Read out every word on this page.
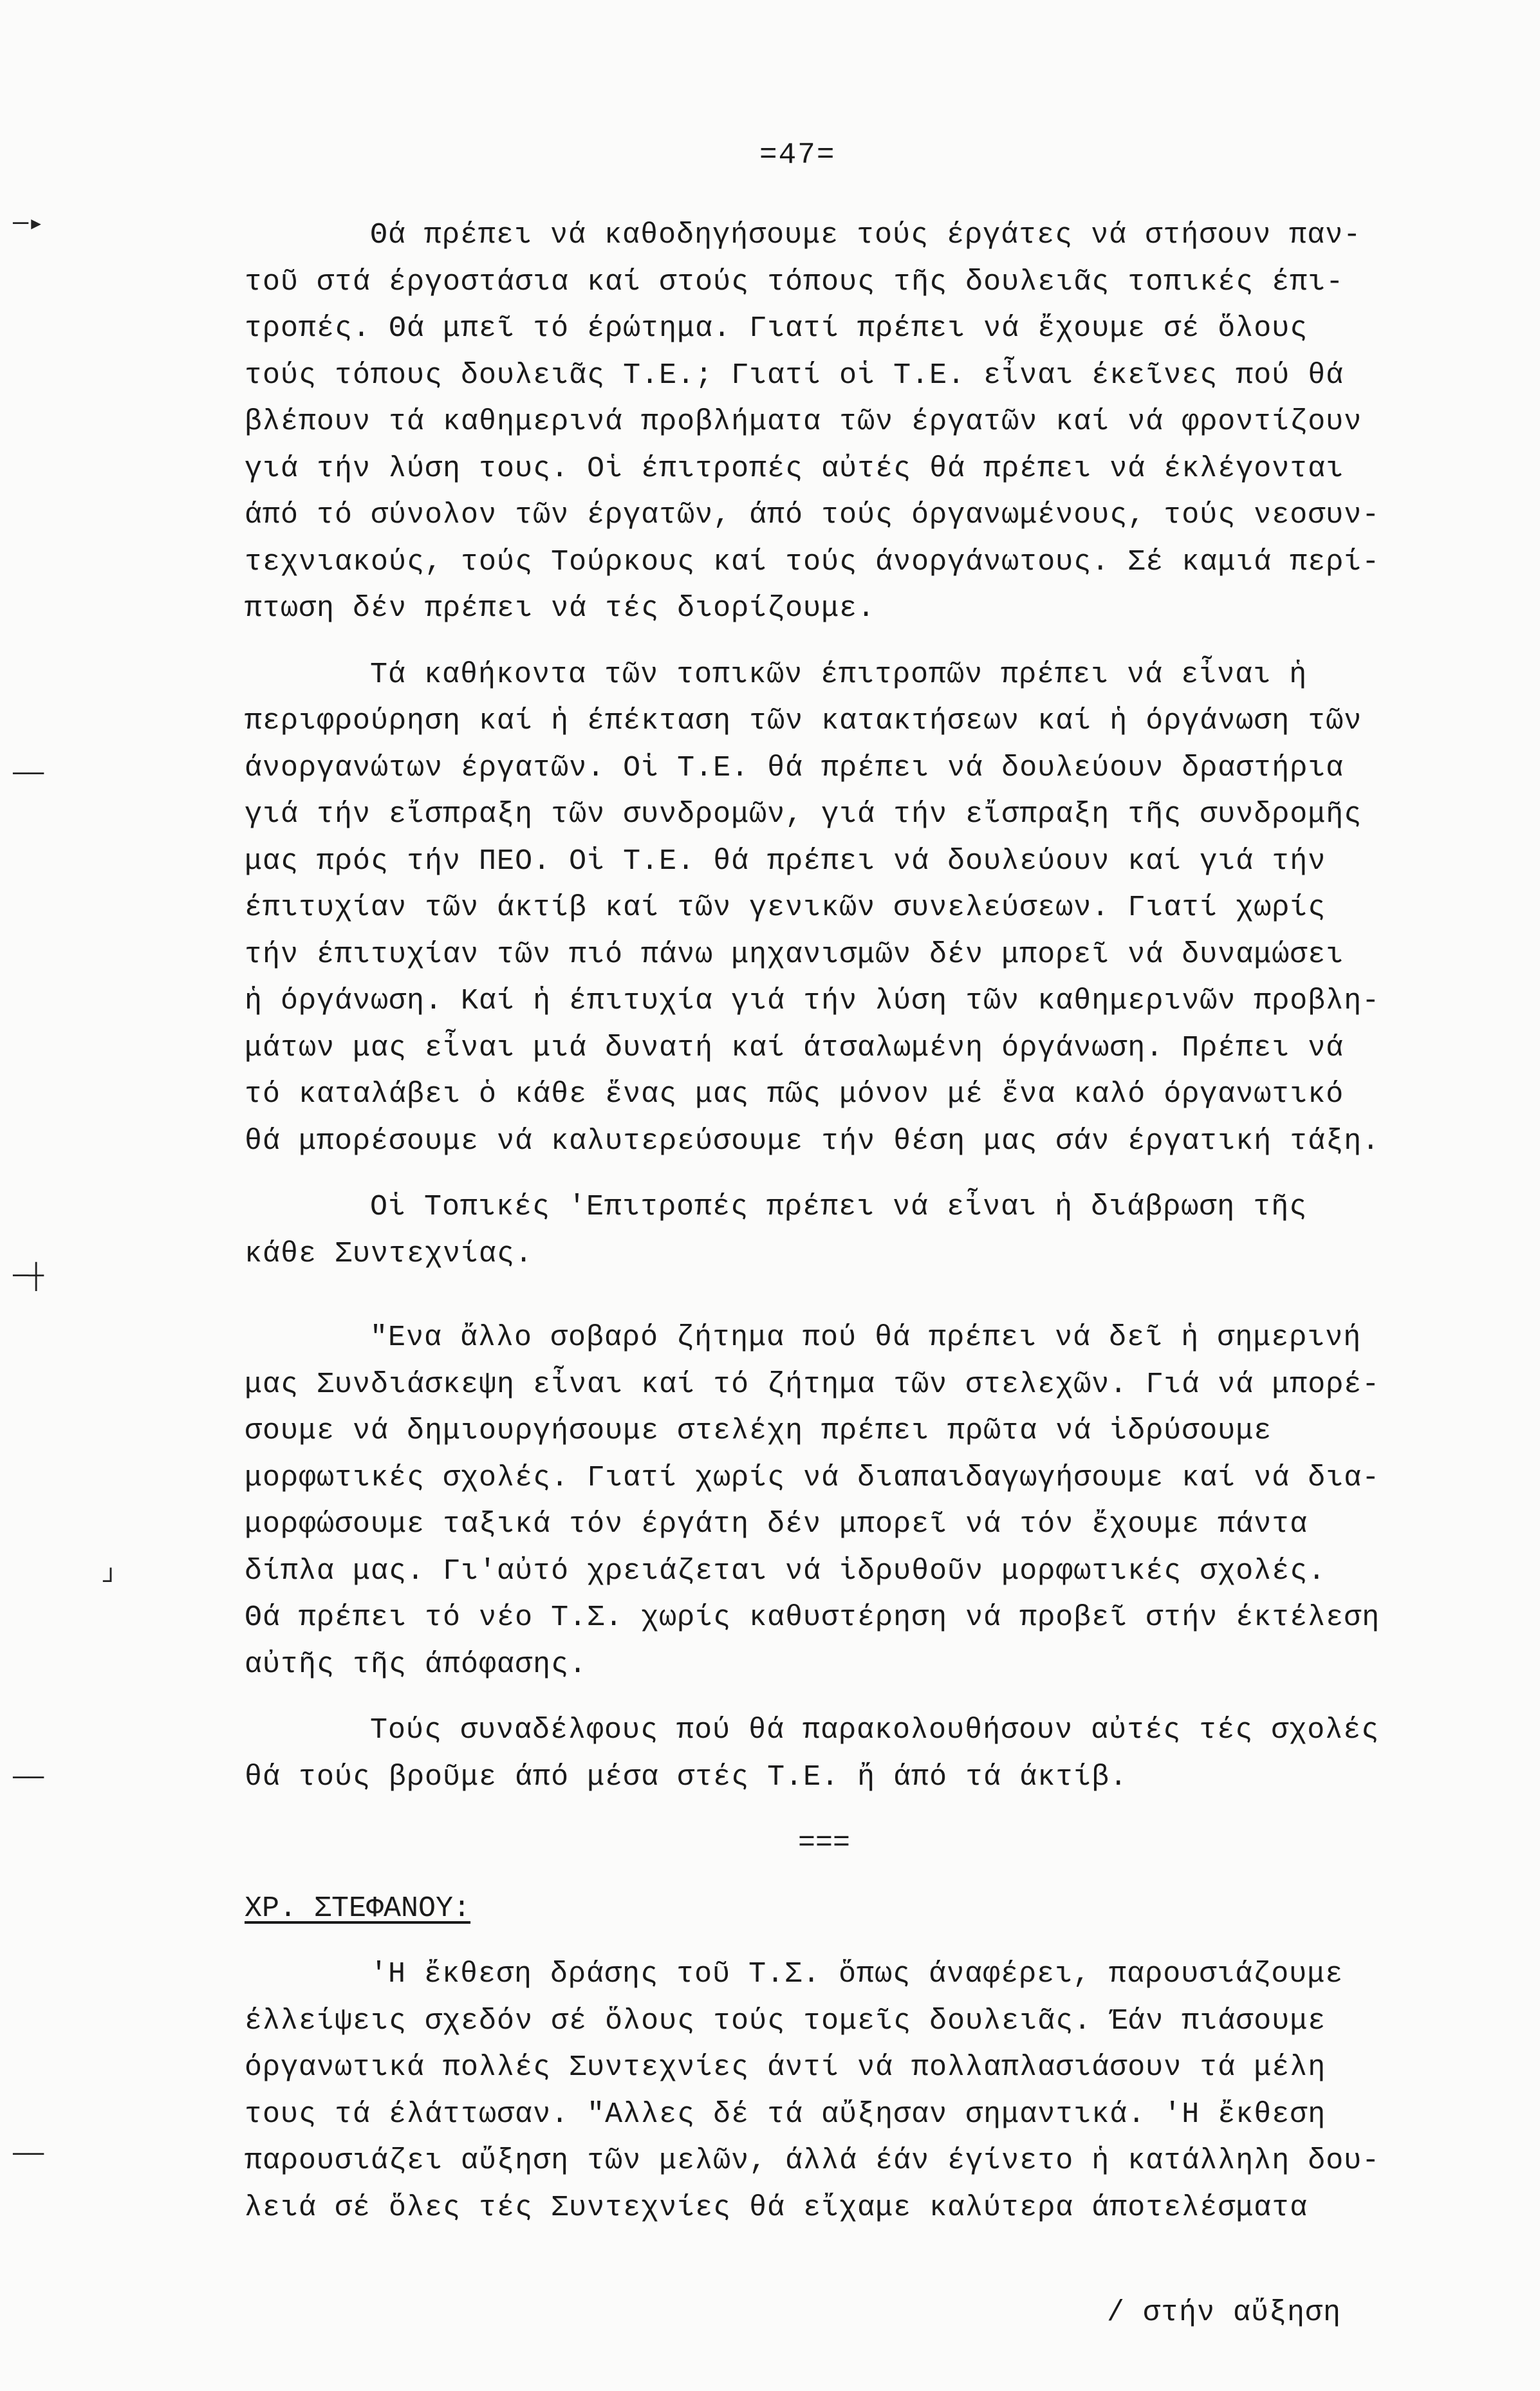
=47=

Θά πρέπει νά καθοδηγήσουμε τούς έργάτες νά στήσουν παν-
τοῦ στά έργοστάσια καί στούς τόπους τῆς δουλειᾶς τοπικές έπι-
τροπές. Θά μπεῖ τό έρώτημα. Γιατί πρέπει νά ἔχουμε σέ ὅλους
τούς τόπους δουλειᾶς Τ.Ε.; Γιατί οἱ Τ.Ε. εἶναι έκεῖνες πού θά
βλέπουν τά καθημερινά προβλήματα τῶν έργατῶν καί νά φροντίζουν
γιά τήν λύση τους. Οἱ έπιτροπές αὐτές θά πρέπει νά έκλέγονται
άπό τό σύνολον τῶν έργατῶν, άπό τούς όργανωμένους, τούς νεοσυν-
τεχνιακούς, τούς Τούρκους καί τούς άνοργάνωτους. Σέ καμιά περί-
πτωση δέν πρέπει νά τές διορίζουμε.

Τά καθήκοντα τῶν τοπικῶν έπιτροπῶν πρέπει νά εἶναι ἡ
περιφρούρηση καί ἡ έπέκταση τῶν κατακτήσεων καί ἡ όργάνωση τῶν
άνοργανώτων έργατῶν. Οἱ Τ.Ε. θά πρέπει νά δουλεύουν δραστήρια
γιά τήν εἴσπραξη τῶν συνδρομῶν, γιά τήν εἴσπραξη τῆς συνδρομῆς
μας πρός τήν ΠΕΟ. Οἱ Τ.Ε. θά πρέπει νά δουλεύουν καί γιά τήν
έπιτυχίαν τῶν άκτίβ καί τῶν γενικῶν συνελεύσεων. Γιατί χωρίς
τήν έπιτυχίαν τῶν πιό πάνω μηχανισμῶν δέν μπορεῖ νά δυναμώσει
ἡ όργάνωση. Καί ἡ έπιτυχία γιά τήν λύση τῶν καθημερινῶν προβλη-
μάτων μας εἶναι μιά δυνατή καί άτσαλωμένη όργάνωση. Πρέπει νά
τό καταλάβει ὁ κάθε ἕνας μας πῶς μόνον μέ ἕνα καλό όργανωτικό
θά μπορέσουμε νά καλυτερεύσουμε τήν θέση μας σάν έργατική τάξη.

Οἱ Τοπικές 'Επιτροπές πρέπει νά εἶναι ἡ διάβρωση τῆς
κάθε Συντεχνίας.

"Ενα ἄλλο σοβαρό ζήτημα πού θά πρέπει νά δεῖ ἡ σημερινή
μας Συνδιάσκεψη εἶναι καί τό ζήτημα τῶν στελεχῶν. Γιά νά μπορέ-
σουμε νά δημιουργήσουμε στελέχη πρέπει πρῶτα νά ἱδρύσουμε
μορφωτικές σχολές. Γιατί χωρίς νά διαπαιδαγωγήσουμε καί νά δια-
μορφώσουμε ταξικά τόν έργάτη δέν μπορεῖ νά τόν ἔχουμε πάντα
δίπλα μας. Γι'αὐτό χρειάζεται νά ἱδρυθοῦν μορφωτικές σχολές.
Θά πρέπει τό νέο Τ.Σ. χωρίς καθυστέρηση νά προβεῖ στήν έκτέλεση
αὐτῆς τῆς άπόφασης.

Τούς συναδέλφους πού θά παρακολουθήσουν αὐτές τές σχολές
θά τούς βροῦμε άπό μέσα στές Τ.Ε. ἤ άπό τά άκτίβ.

===
ΧΡ. ΣΤΕΦΑΝΟΥ:

'Η ἔκθεση δράσης τοῦ Τ.Σ. ὅπως άναφέρει, παρουσιάζουμε
έλλείψεις σχεδόν σέ ὅλους τούς τομεῖς δουλειᾶς. Έάν πιάσουμε
όργανωτικά πολλές Συντεχνίες άντί νά πολλαπλασιάσουν τά μέλη
τους τά έλάττωσαν. "Αλλες δέ τά αὔξησαν σημαντικά. 'Η ἔκθεση
παρουσιάζει αὔξηση τῶν μελῶν, άλλά έάν έγίνετο ἡ κατάλληλη δου-
λειά σέ ὅλες τές Συντεχνίες θά εἴχαμε καλύτερα άποτελέσματα

/ στήν αὔξηση
─▸
──
─┼
┘
──
──
